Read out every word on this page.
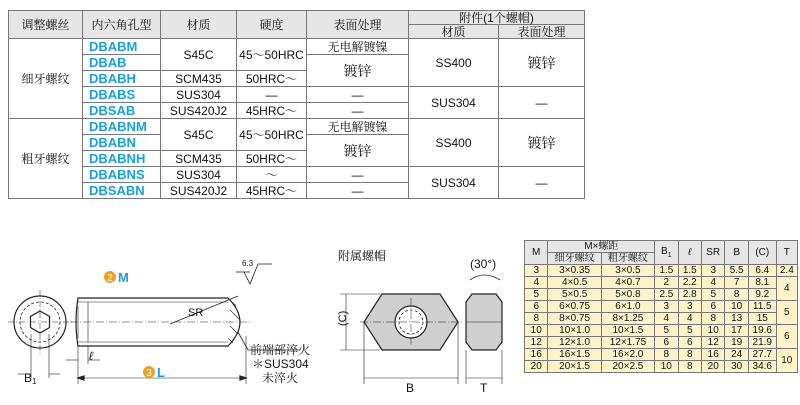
调整螺丝	内六角孔型	材质	硬度	表面处理	附件(1个螺帽)	
					材质	表面处理
细牙螺纹	DBABM	S45C	45～50HRC	无电解镀镍	SS400	镀锌
	DBAB			镀锌		
	DBABH	SCM435	50HRC～			
	DBABS	SUS304	—	—	SUS304	—
	DBSAB	SUS420J2	45HRC～	—		
粗牙螺纹	DBABNM	S45C	45～50HRC	无电解镀镍	SS400	镀锌
	DBABN			镀锌		
	DBABNH	SCM435	50HRC～			
	DBABNS	SUS304	～	—	SUS304	—
	DBSABN	SUS420J2	45HRC～	—		
B1
2 M
3 L
ℓ
SR
6.3
前端部淬火
＊SUS304
未淬火
附属螺帽
(C)
B
(30°)
T
M	M×螺距		$B_1$	ℓ	SR	B	(C)	T
	细牙螺纹	粗牙螺纹						
3	3×0.35	3×0.5	1.5	1.5	3	5.5	6.4	2.4
4	4×0.5	4×0.7	2	2.2	4	7	8.1	4
5	5×0.5	5×0.8	2.5	2.8	5	8	9.2	
6	6×0.75	6×1.0	3	3	6	10	11.5	5
8	8×0.75	8×1.25	4	4	8	13	15	
10	10×1.0	10×1.5	5	5	10	17	19.6	6
12	12×1.0	12×1.75	6	6	12	19	21.9	
16	16×1.5	16×2.0	8	8	16	24	27.7	10
20	20×1.5	20×2.5	10	8	20	30	34.6	
